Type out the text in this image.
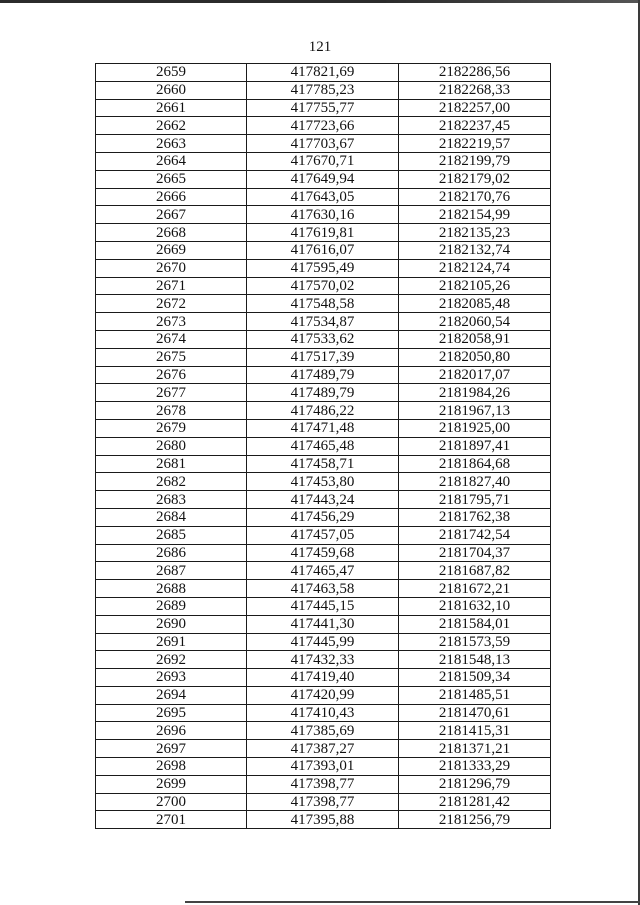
121
2659	417821,69	2182286,56
2660	417785,23	2182268,33
2661	417755,77	2182257,00
2662	417723,66	2182237,45
2663	417703,67	2182219,57
2664	417670,71	2182199,79
2665	417649,94	2182179,02
2666	417643,05	2182170,76
2667	417630,16	2182154,99
2668	417619,81	2182135,23
2669	417616,07	2182132,74
2670	417595,49	2182124,74
2671	417570,02	2182105,26
2672	417548,58	2182085,48
2673	417534,87	2182060,54
2674	417533,62	2182058,91
2675	417517,39	2182050,80
2676	417489,79	2182017,07
2677	417489,79	2181984,26
2678	417486,22	2181967,13
2679	417471,48	2181925,00
2680	417465,48	2181897,41
2681	417458,71	2181864,68
2682	417453,80	2181827,40
2683	417443,24	2181795,71
2684	417456,29	2181762,38
2685	417457,05	2181742,54
2686	417459,68	2181704,37
2687	417465,47	2181687,82
2688	417463,58	2181672,21
2689	417445,15	2181632,10
2690	417441,30	2181584,01
2691	417445,99	2181573,59
2692	417432,33	2181548,13
2693	417419,40	2181509,34
2694	417420,99	2181485,51
2695	417410,43	2181470,61
2696	417385,69	2181415,31
2697	417387,27	2181371,21
2698	417393,01	2181333,29
2699	417398,77	2181296,79
2700	417398,77	2181281,42
2701	417395,88	2181256,79
